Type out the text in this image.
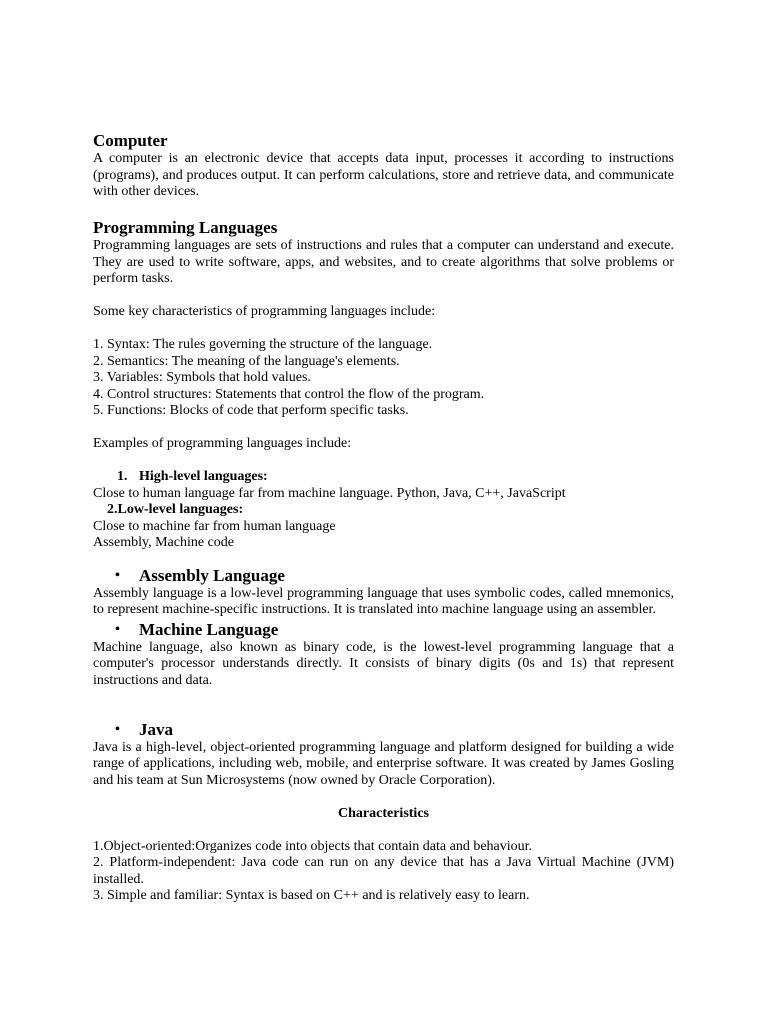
Computer

A computer is an electronic device that accepts data input, processes it according to instructions (programs), and produces output. It can perform calculations, store and retrieve data, and communicate with other devices.

Programming Languages

Programming languages are sets of instructions and rules that a computer can understand and execute. They are used to write software, apps, and websites, and to create algorithms that solve problems or perform tasks.

Some key characteristics of programming languages include:

1. Syntax: The rules governing the structure of the language.

2. Semantics: The meaning of the language's elements.

3. Variables: Symbols that hold values.

4. Control structures: Statements that control the flow of the program.

5. Functions: Blocks of code that perform specific tasks.

Examples of programming languages include:

1. High-level languages:

Close to human language far from machine language. Python, Java, C++, JavaScript

2.Low-level languages:

Close to machine far from human language

Assembly, Machine code

• Assembly Language

Assembly language is a low-level programming language that uses symbolic codes, called mnemonics, to represent machine-specific instructions. It is translated into machine language using an assembler.

• Machine Language

Machine language, also known as binary code, is the lowest-level programming language that a computer's processor understands directly. It consists of binary digits (0s and 1s) that represent instructions and data.

• Java

Java is a high-level, object-oriented programming language and platform designed for building a wide range of applications, including web, mobile, and enterprise software. It was created by James Gosling and his team at Sun Microsystems (now owned by Oracle Corporation).

Characteristics

1.Object-oriented:Organizes code into objects that contain data and behaviour.

2. Platform-independent: Java code can run on any device that has a Java Virtual Machine (JVM) installed.

3. Simple and familiar: Syntax is based on C++ and is relatively easy to learn.
